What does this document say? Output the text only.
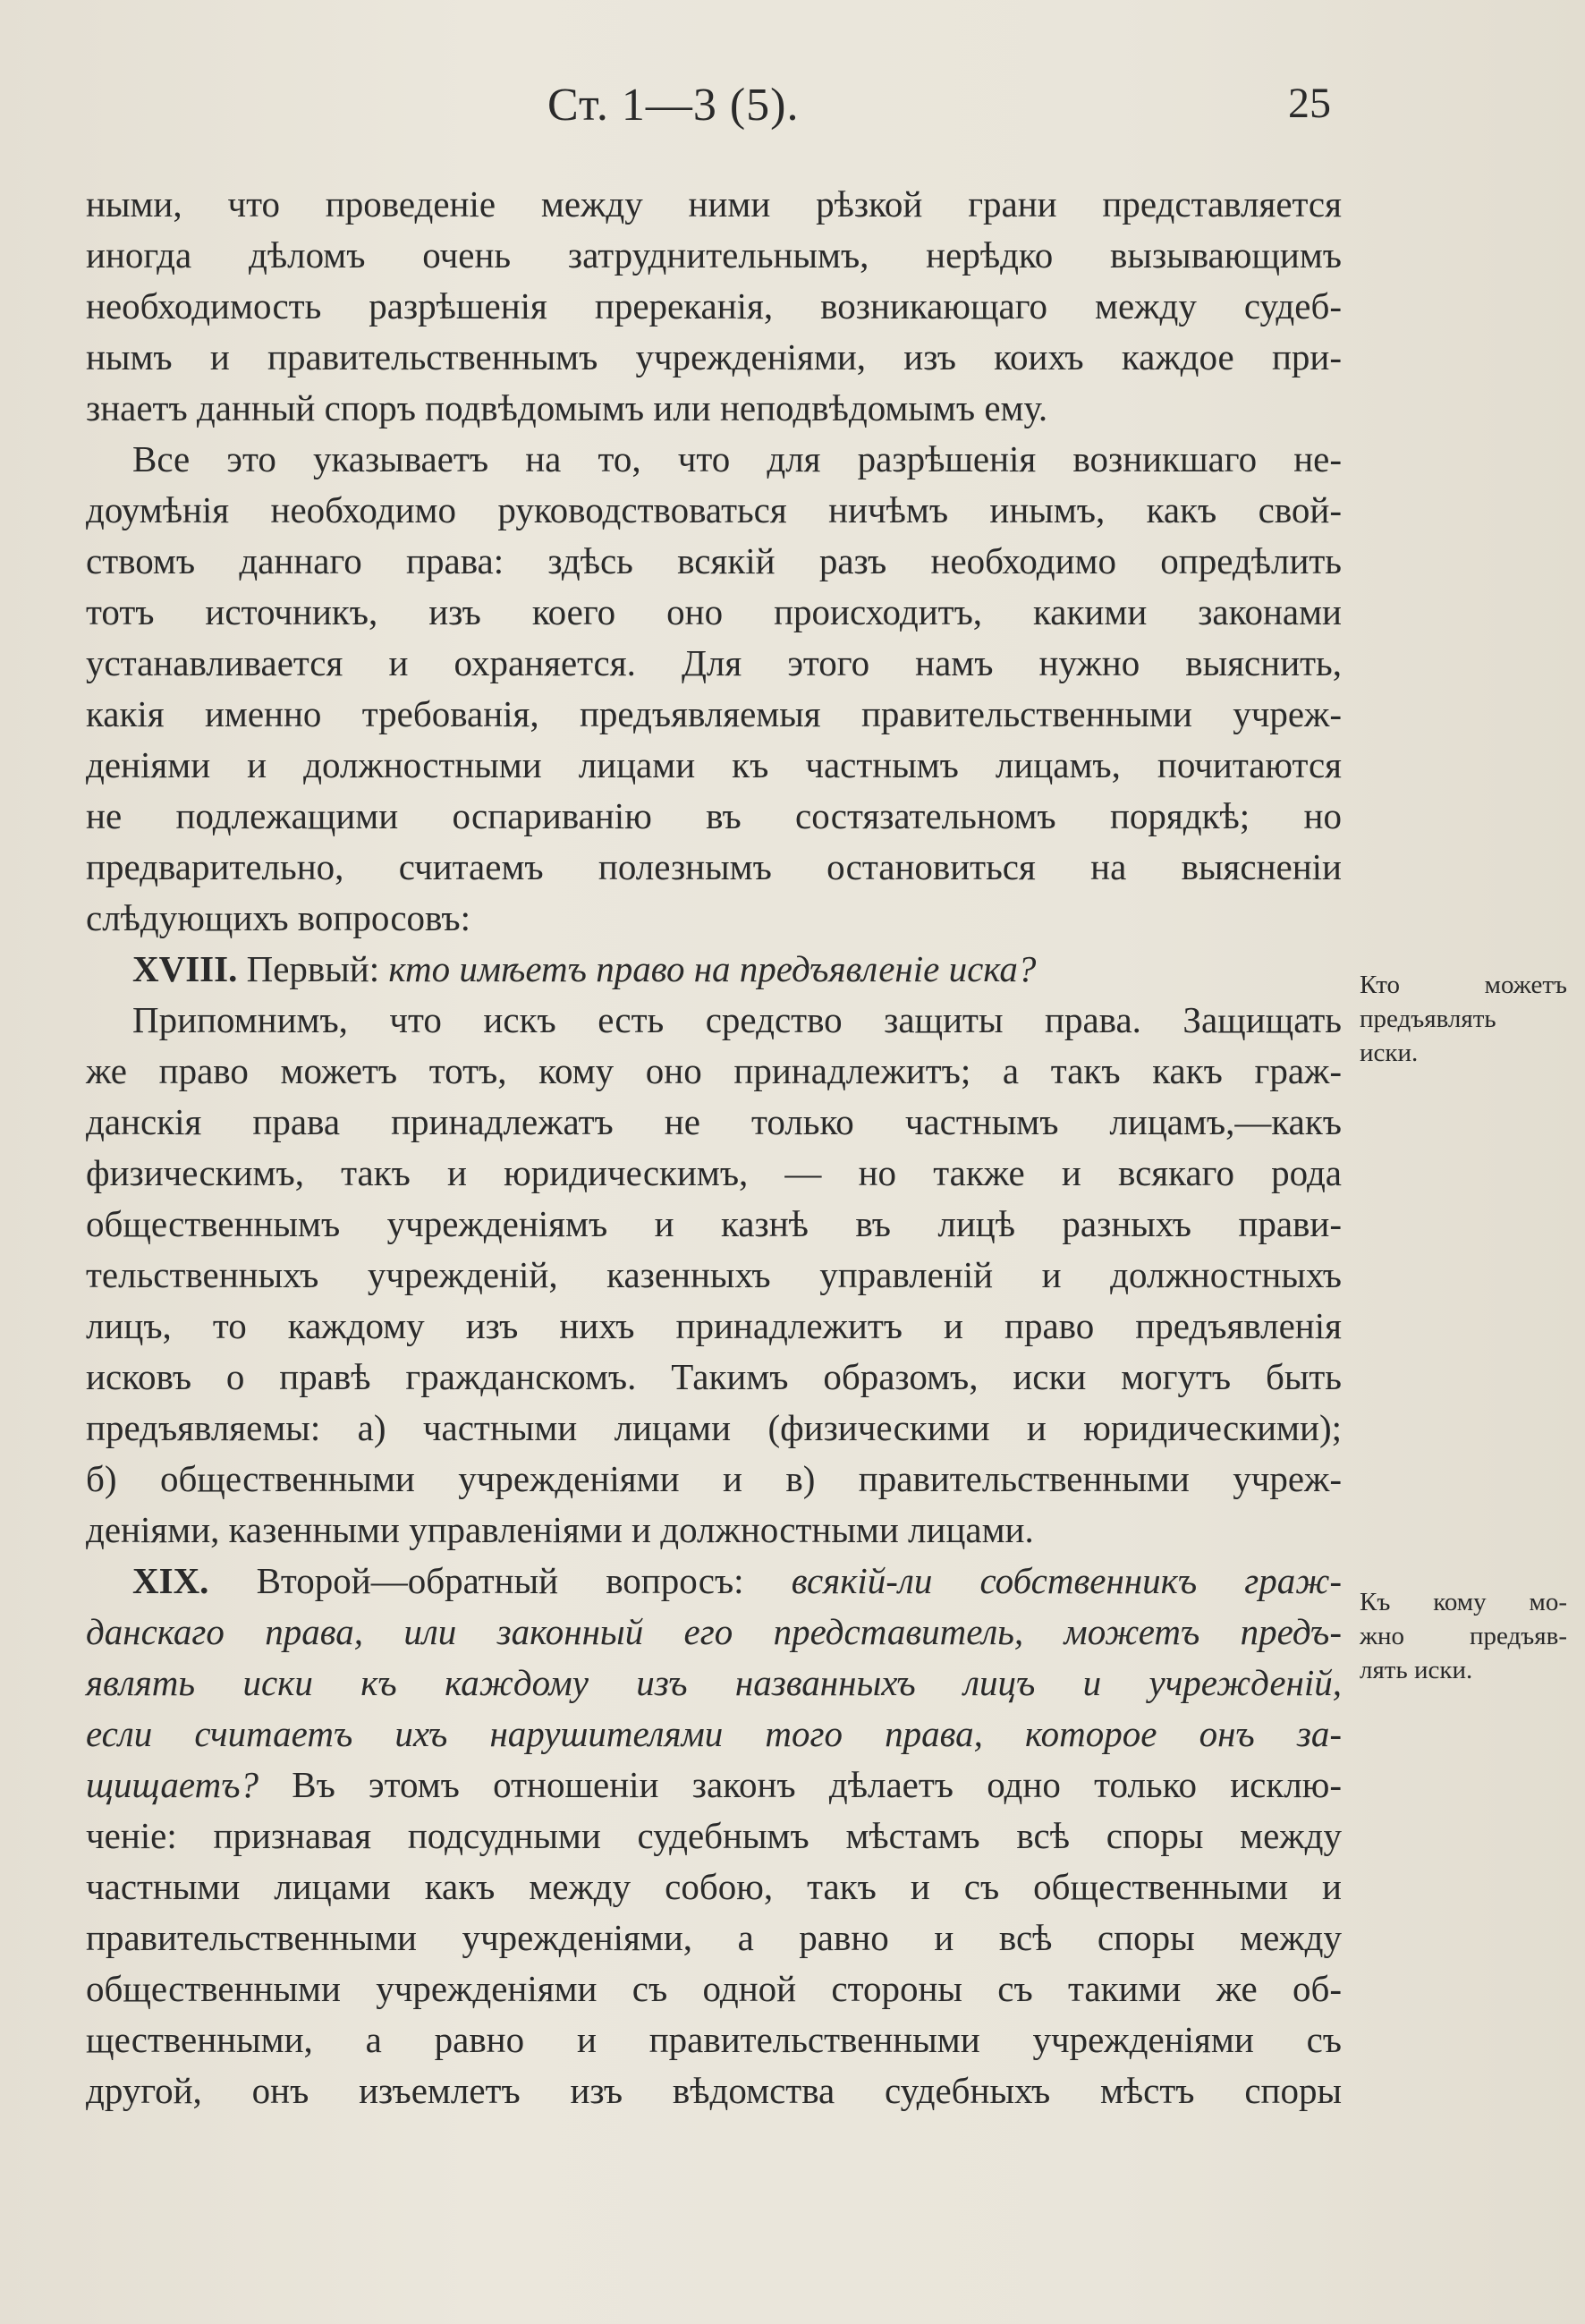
Ст. 1—3 (5).	25
ными, что проведеніе между ними рѣзкой грани представляется
иногда дѣломъ очень затруднительнымъ, нерѣдко вызывающимъ
необходимость разрѣшенія пререканія, возникающаго между судеб-
нымъ и правительственнымъ учрежденіями, изъ коихъ каждое при-
знаетъ данный споръ подвѣдомымъ или неподвѣдомымъ ему.
Все это указываетъ на то, что для разрѣшенія возникшаго не-
доумѣнія необходимо руководствоваться ничѣмъ инымъ, какъ свой-
ствомъ даннаго права: здѣсь всякій разъ необходимо опредѣлить
тотъ источникъ, изъ коего оно происходитъ, какими законами
устанавливается и охраняется. Для этого намъ нужно выяснить,
какія именно требованія, предъявляемыя правительственными учреж-
деніями и должностными лицами къ частнымъ лицамъ, почитаются
не подлежащими оспариванію въ состязательномъ порядкѣ; но
предварительно, считаемъ полезнымъ остановиться на выясненіи
слѣдующихъ вопросовъ:
XVIII. Первый: кто имѣетъ право на предъявленіе иска?
Припомнимъ, что искъ есть средство защиты права. Защищать
же право можетъ тотъ, кому оно принадлежитъ; а такъ какъ граж-
данскія права принадлежатъ не только частнымъ лицамъ,—какъ
физическимъ, такъ и юридическимъ, — но также и всякаго рода
общественнымъ учрежденіямъ и казнѣ въ лицѣ разныхъ прави-
тельственныхъ учрежденій, казенныхъ управленій и должностныхъ
лицъ, то каждому изъ нихъ принадлежитъ и право предъявленія
исковъ о правѣ гражданскомъ. Такимъ образомъ, иски могутъ быть
предъявляемы: а) частными лицами (физическими и юридическими);
б) общественными учрежденіями и в) правительственными учреж-
деніями, казенными управленіями и должностными лицами.
XIX. Второй—обратный вопросъ: всякій-ли собственникъ граж-
данскаго права, или законный его представитель, можетъ предъ-
являть иски къ каждому изъ названныхъ лицъ и учрежденій,
если считаетъ ихъ нарушителями того права, которое онъ за-
щищаетъ? Въ этомъ отношеніи законъ дѣлаетъ одно только исклю-
ченіе: признавая подсудными судебнымъ мѣстамъ всѣ споры между
частными лицами какъ между собою, такъ и съ общественными и
правительственными учрежденіями, а равно и всѣ споры между
общественными учрежденіями съ одной стороны съ такими же об-
щественными, а равно и правительственными учрежденіями съ
другой, онъ изъемлетъ изъ вѣдомства судебныхъ мѣстъ споры
Кто можетъ
предъявлять
иски.
Къ кому мо-
жно предъяв-
лять иски.
